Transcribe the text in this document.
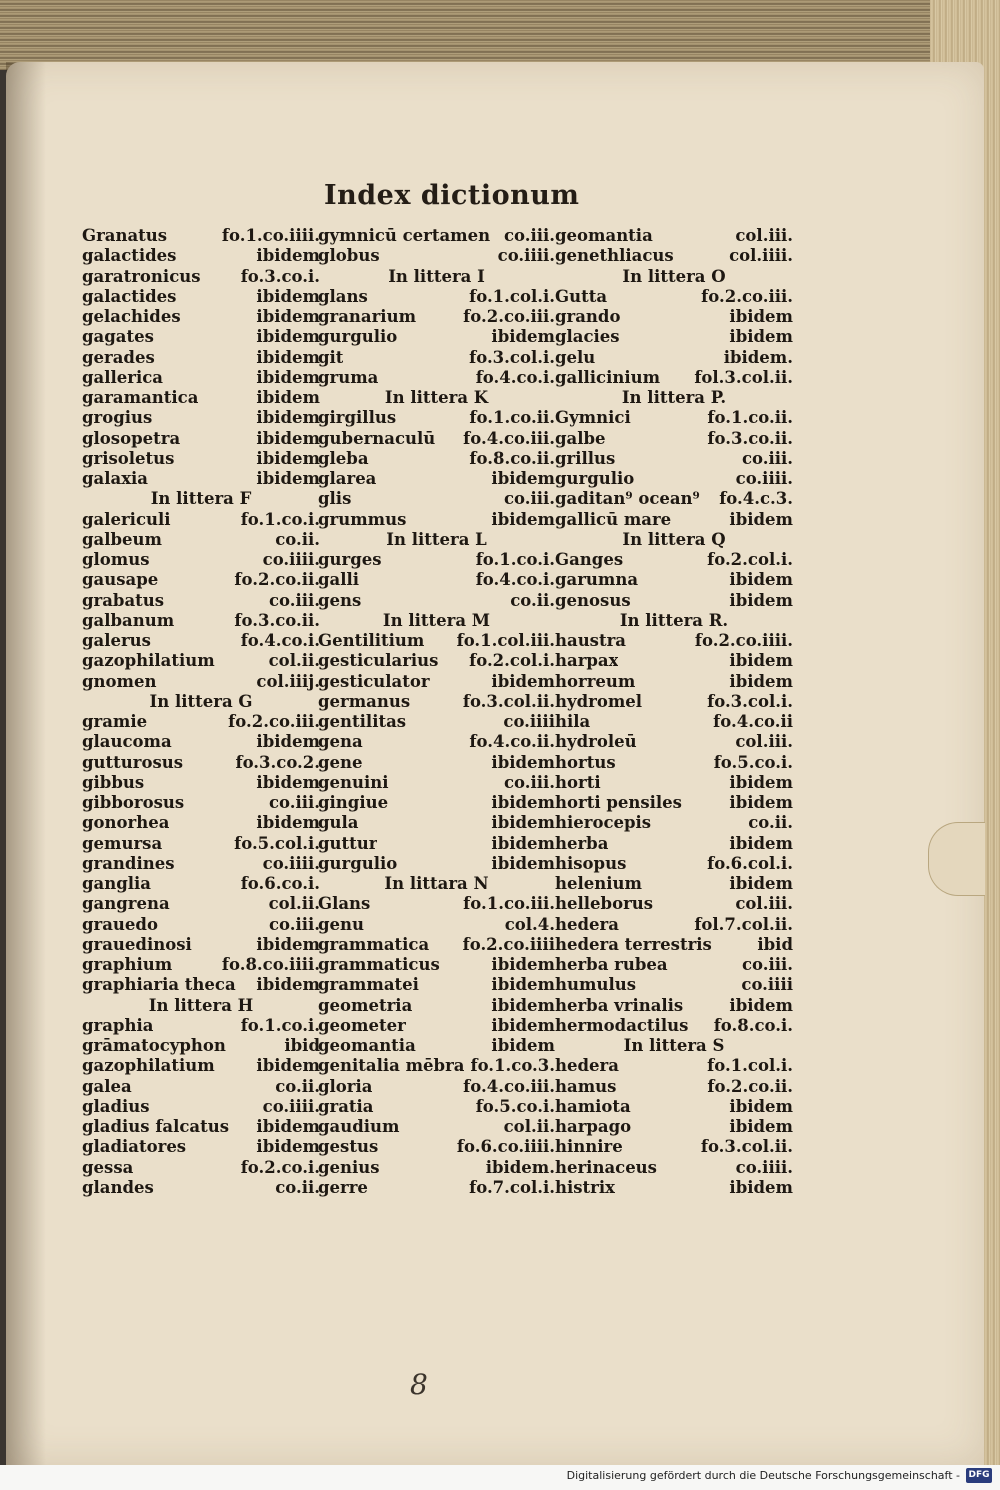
Index dictionum
Granatus	fo.1.co.iiii.
galactides	ibidem
garatronicus fo.3.co.i.
galactides	ibidem
gelachides	ibidem
gagates	ibidem
gerades	ibidem
gallerica	ibidem
garamantica	ibidem
grogius	ibidem
glosopetra	ibidem
grisoletus	ibidem
galaxia	ibidem
In littera F
galericuli	fo.1.co.i.
galbeum	co.ii.
glomus	co.iiii.
gausape	fo.2.co.ii.
grabatus	co.iii.
galbanum	fo.3.co.ii.
galerus	fo.4.co.i.
gazophilatium	col.ii.
gnomen	col.iiij.
In littera G
gramie	fo.2.co.iii.
glaucoma	ibidem
gutturosus	fo.3.co.2.
gibbus	ibidem
gibborosus	co.iii.
gonorhea	ibidem
gemursa	fo.5.col.i.
grandines	co.iiii.
ganglia	fo.6.co.i.
gangrena	col.ii.
grauedo	co.iii.
grauedinosi	ibidem
graphium	fo.8.co.iiii.
graphiaria theca ibidem
In littera H
graphia	fo.1.co.i.
grāmatocyphon	ibid
gazophilatium	ibidem
galea	co.ii.
gladius	co.iiii.
gladius falcatus ibidem
gladiatores	ibidem
gessa	fo.2.co.i.
glandes	co.ii.
gymnicū certamen co.iii.
globus	co.iiii.
In littera I
glans	fo.1.col.i.
granarium	fo.2.co.iii.
gurgulio	ibidem
git	fo.3.col.i.
gruma	fo.4.co.i.
In littera K
girgillus	fo.1.co.ii.
gubernaculū fo.4.co.iii.
gleba	fo.8.co.ii.
glarea	ibidem
glis	co.iii.
grummus	ibidem
In littera L
gurges	fo.1.co.i.
galli	fo.4.co.i.
gens	co.ii.
In littera M
Gentilitium fo.1.col.iii.
gesticularius fo.2.col.i.
gesticulator	ibidem
germanus	fo.3.col.ii.
gentilitas	co.iiii
gena	fo.4.co.ii.
gene	ibidem
genuini	co.iii.
gingiue	ibidem
gula	ibidem
guttur	ibidem
gurgulio	ibidem
In littara N
Glans	fo.1.co.iii.
genu	col.4.
grammatica fo.2.co.iiii
grammaticus	ibidem
grammatei	ibidem
geometria	ibidem
geometer	ibidem
geomantia	ibidem
genitalia mēbra fo.1.co.3.
gloria	fo.4.co.iii.
gratia	fo.5.co.i.
gaudium	col.ii.
gestus	fo.6.co.iiii.
genius	ibidem.
gerre	fo.7.col.i.
geomantia	col.iii.
genethliacus	col.iiii.
In littera O
Gutta	fo.2.co.iii.
grando	ibidem
glacies	ibidem
gelu	ibidem.
gallicinium fol.3.col.ii.
In littera P.
Gymnici	fo.1.co.ii.
galbe	fo.3.co.ii.
grillus	co.iii.
gurgulio	co.iiii.
gaditan⁹ ocean⁹ fo.4.c.3.
gallicū mare	ibidem
In littera Q
Ganges	fo.2.col.i.
garumna	ibidem
genosus	ibidem
In littera R.
haustra	fo.2.co.iiii.
harpax	ibidem
horreum	ibidem
hydromel	fo.3.col.i.
hila	fo.4.co.ii
hydroleū	col.iii.
hortus	fo.5.co.i.
horti	ibidem
horti pensiles	ibidem
hierocepis	co.ii.
herba	ibidem
hisopus	fo.6.col.i.
helenium	ibidem
helleborus	col.iii.
hedera	fol.7.col.ii.
hedera terrestris	ibid
herba rubea	co.iii.
humulus	co.iiii
herba vrinalis	ibidem
hermodactilus fo.8.co.i.
In littera S
hedera	fo.1.col.i.
hamus	fo.2.co.ii.
hamiota	ibidem
harpago	ibidem
hinnire	fo.3.col.ii.
herinaceus	co.iiii.
histrix	ibidem
8
Digitalisierung gefördert durch die Deutsche Forschungsgemeinschaft - DFG
